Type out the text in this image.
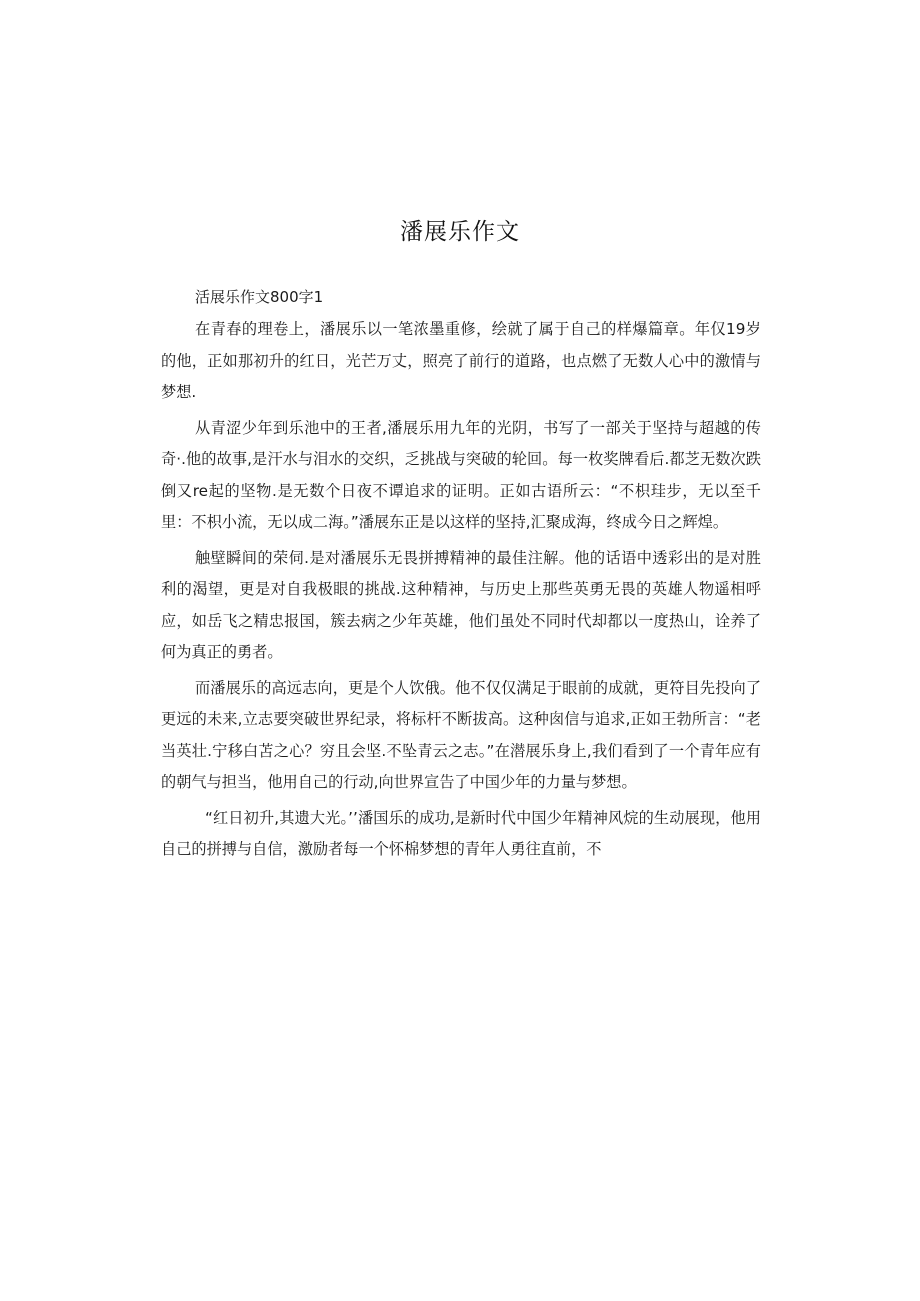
潘展乐作文

活展乐作文800字1

在青春的理卷上，潘展乐以一笔浓墨重修，绘就了属于自己的样爆篇章。年仅19岁的他，正如那初升的红日，光芒万丈，照亮了前行的道路，也点燃了无数人心中的激情与梦想.

从青涩少年到乐池中的王者,潘展乐用九年的光阴，书写了一部关于坚持与超越的传奇·.他的故事,是汗水与泪水的交织，乏挑战与突破的轮回。每一枚奖牌看后.都芝无数次跌倒又re起的坚物.是无数个日夜不谭追求的证明。正如古语所云：“不枳珪步，无以至千里：不枳小流，无以成二海。”潘展东正是以这样的坚持,汇聚成海，终成今日之辉煌。

触壁瞬间的荣伺.是对潘展乐无畏拼搏精神的最佳注解。他的话语中透彩出的是对胜利的渴望，更是对自我极眼的挑战.这种精神，与历史上那些英勇无畏的英雄人物遥相呼应，如岳飞之精忠报国，簇去病之少年英雄，他们虽处不同时代却都以一度热山，诠养了何为真正的勇者。

而潘展乐的高远志向，更是个人饮俄。他不仅仅满足于眼前的成就，更符目先投向了更远的未来,立志要突破世界纪录，将标杆不断拔高。这种囱信与追求,正如王勃所言：“老当英壮.宁移白苫之心？穷且会坚.不坠青云之志。”在潜展乐身上,我们看到了一个青年应有的朝气与担当，他用自己的行动,向世界宣告了中国少年的力量与梦想。

“红日初升,其遗大光。’’潘国乐的成功,是新时代中国少年精神风烷的生动展现，他用自己的拼搏与自信，激励者每一个怀棉梦想的青年人勇往直前，不
